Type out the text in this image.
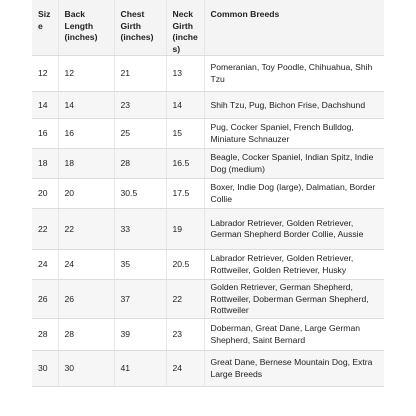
Size	Back Length (inches)	Chest Girth (inches)	Neck Girth (inches)	Common Breeds
12	12	21	13	Pomeranian, Toy Poodle, Chihuahua, Shih Tzu
14	14	23	14	Shih Tzu, Pug, Bichon Frise, Dachshund
16	16	25	15	Pug, Cocker Spaniel, French Bulldog, Miniature Schnauzer
18	18	28	16.5	Beagle, Cocker Spaniel, Indian Spitz, Indie Dog (medium)
20	20	30.5	17.5	Boxer, Indie Dog (large), Dalmatian, Border Collie
22	22	33	19	Labrador Retriever, Golden Retriever, German Shepherd Border Collie, Aussie
24	24	35	20.5	Labrador Retriever, Golden Retriever, Rottweiler, Golden Retriever, Husky
26	26	37	22	Golden Retriever, German Shepherd, Rottweiler, Doberman German Shepherd, Rottweiler
28	28	39	23	Doberman, Great Dane, Large German Shepherd, Saint Bernard
30	30	41	24	Great Dane, Bernese Mountain Dog, Extra Large Breeds
